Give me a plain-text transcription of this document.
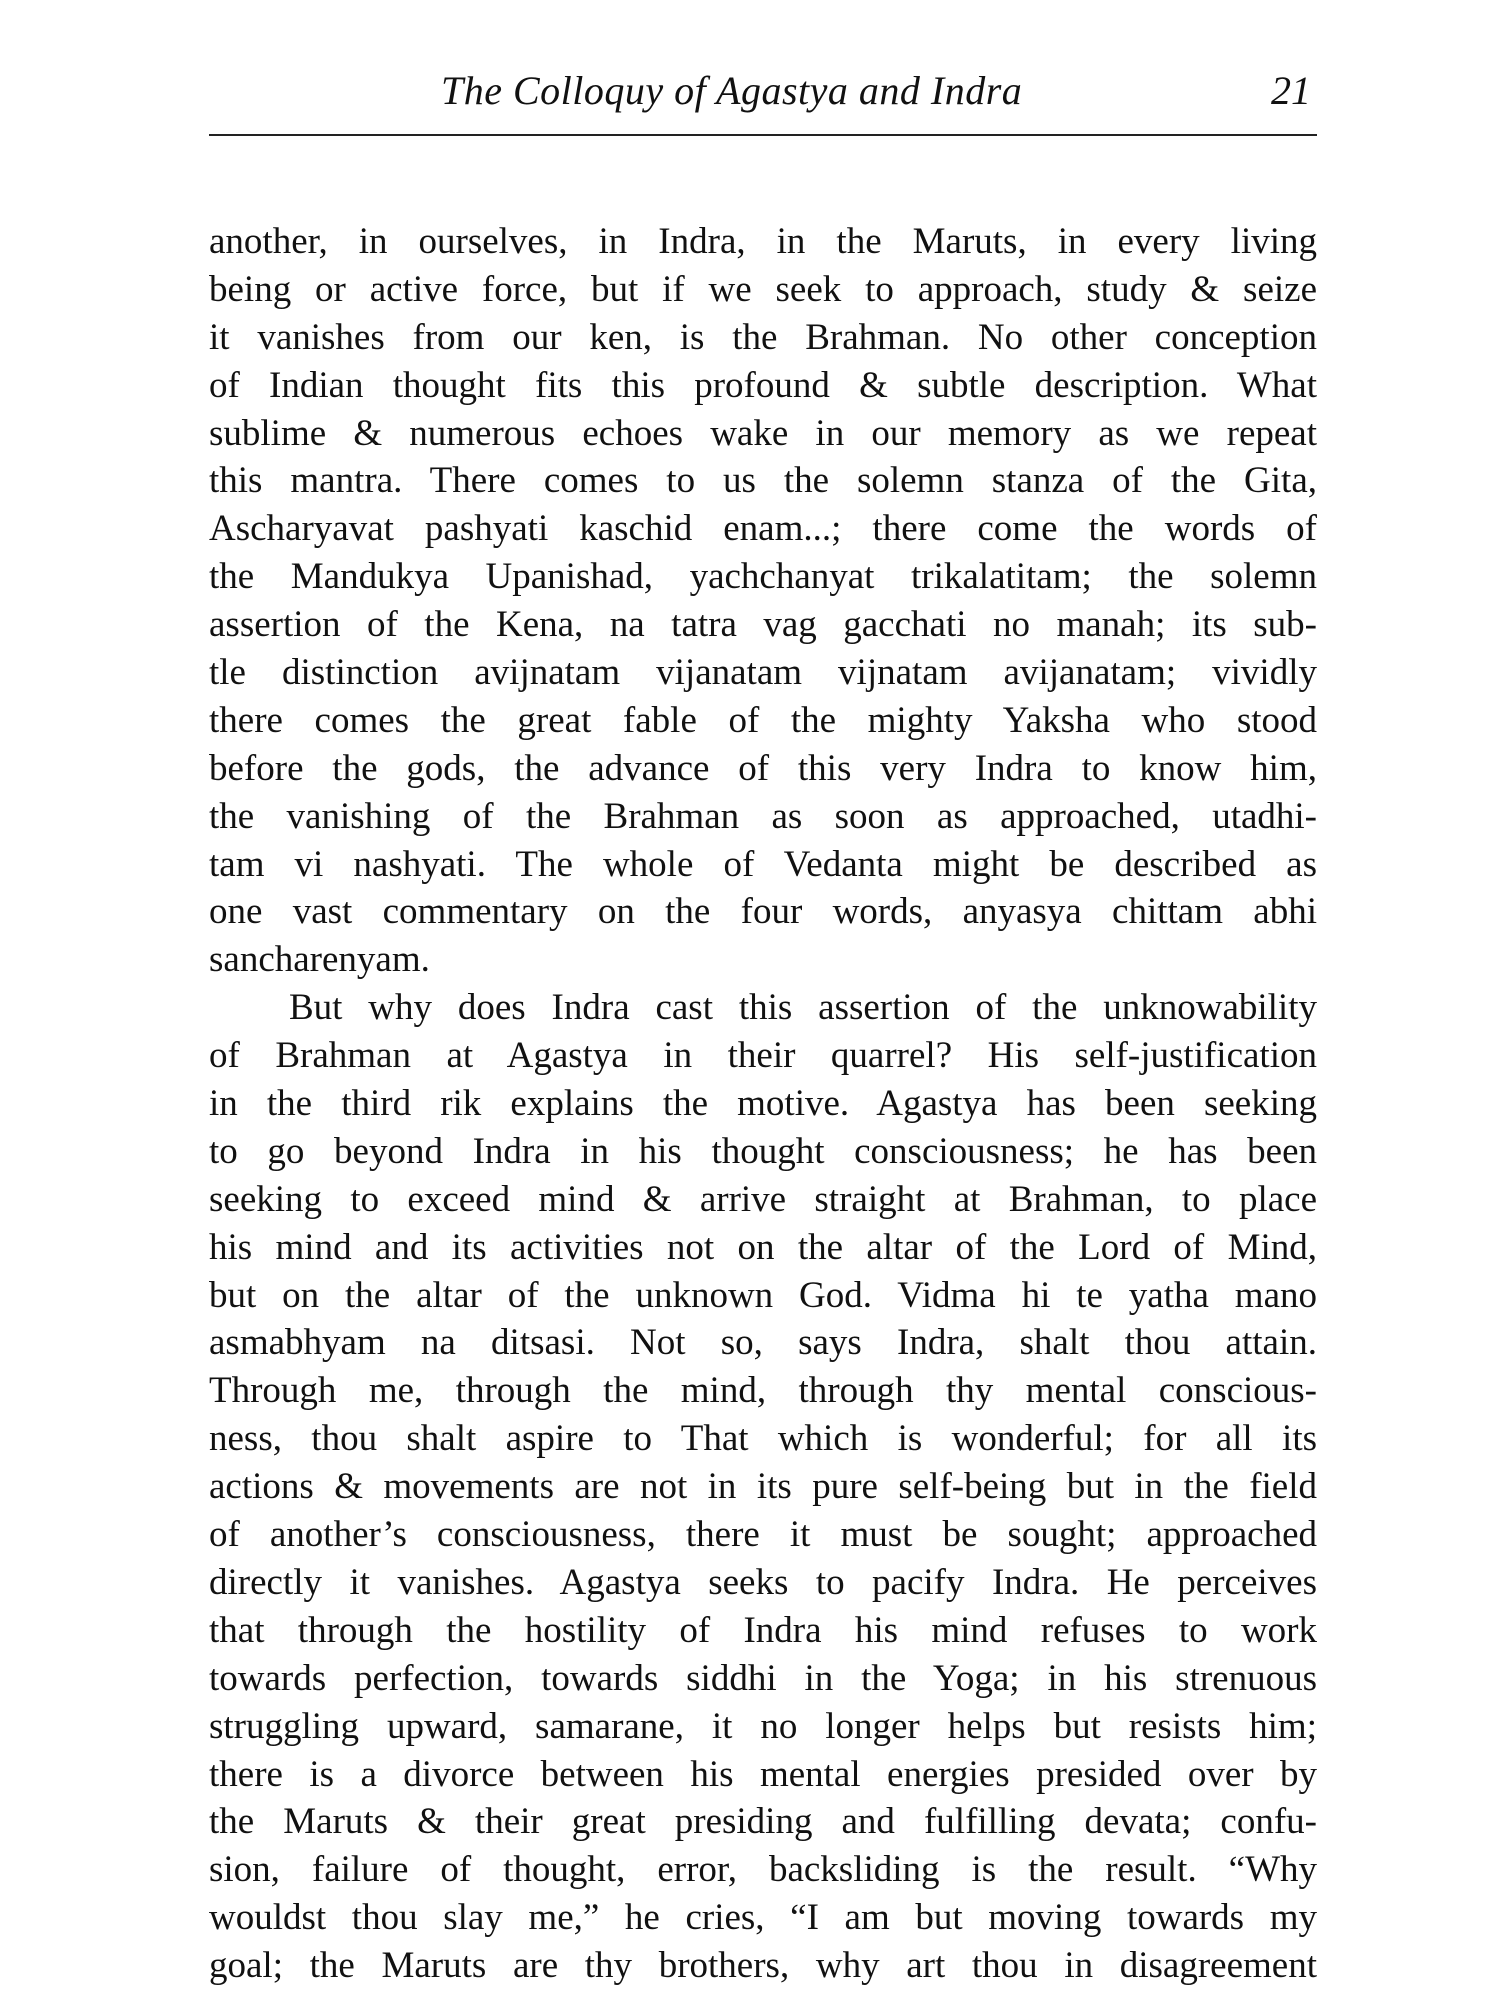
The Colloquy of Agastya and Indra	21
another, in ourselves, in Indra, in the Maruts, in every living
being or active force, but if we seek to approach, study & seize
it vanishes from our ken, is the Brahman. No other conception
of Indian thought fits this profound & subtle description. What
sublime & numerous echoes wake in our memory as we repeat
this mantra. There comes to us the solemn stanza of the Gita,
Ascharyavat pashyati kaschid enam...; there come the words of
the Mandukya Upanishad, yachchanyat trikalatitam; the solemn
assertion of the Kena, na tatra vag gacchati no manah; its sub-
tle distinction avijnatam vijanatam vijnatam avijanatam; vividly
there comes the great fable of the mighty Yaksha who stood
before the gods, the advance of this very Indra to know him,
the vanishing of the Brahman as soon as approached, utadhi-
tam vi nashyati. The whole of Vedanta might be described as
one vast commentary on the four words, anyasya chittam abhi
sancharenyam.
But why does Indra cast this assertion of the unknowability
of Brahman at Agastya in their quarrel? His self-justification
in the third rik explains the motive. Agastya has been seeking
to go beyond Indra in his thought consciousness; he has been
seeking to exceed mind & arrive straight at Brahman, to place
his mind and its activities not on the altar of the Lord of Mind,
but on the altar of the unknown God. Vidma hi te yatha mano
asmabhyam na ditsasi. Not so, says Indra, shalt thou attain.
Through me, through the mind, through thy mental conscious-
ness, thou shalt aspire to That which is wonderful; for all its
actions & movements are not in its pure self-being but in the field
of another’s consciousness, there it must be sought; approached
directly it vanishes. Agastya seeks to pacify Indra. He perceives
that through the hostility of Indra his mind refuses to work
towards perfection, towards siddhi in the Yoga; in his strenuous
struggling upward, samarane, it no longer helps but resists him;
there is a divorce between his mental energies presided over by
the Maruts & their great presiding and fulfilling devata; confu-
sion, failure of thought, error, backsliding is the result. “Why
wouldst thou slay me,” he cries, “I am but moving towards my
goal; the Maruts are thy brothers, why art thou in disagreement
